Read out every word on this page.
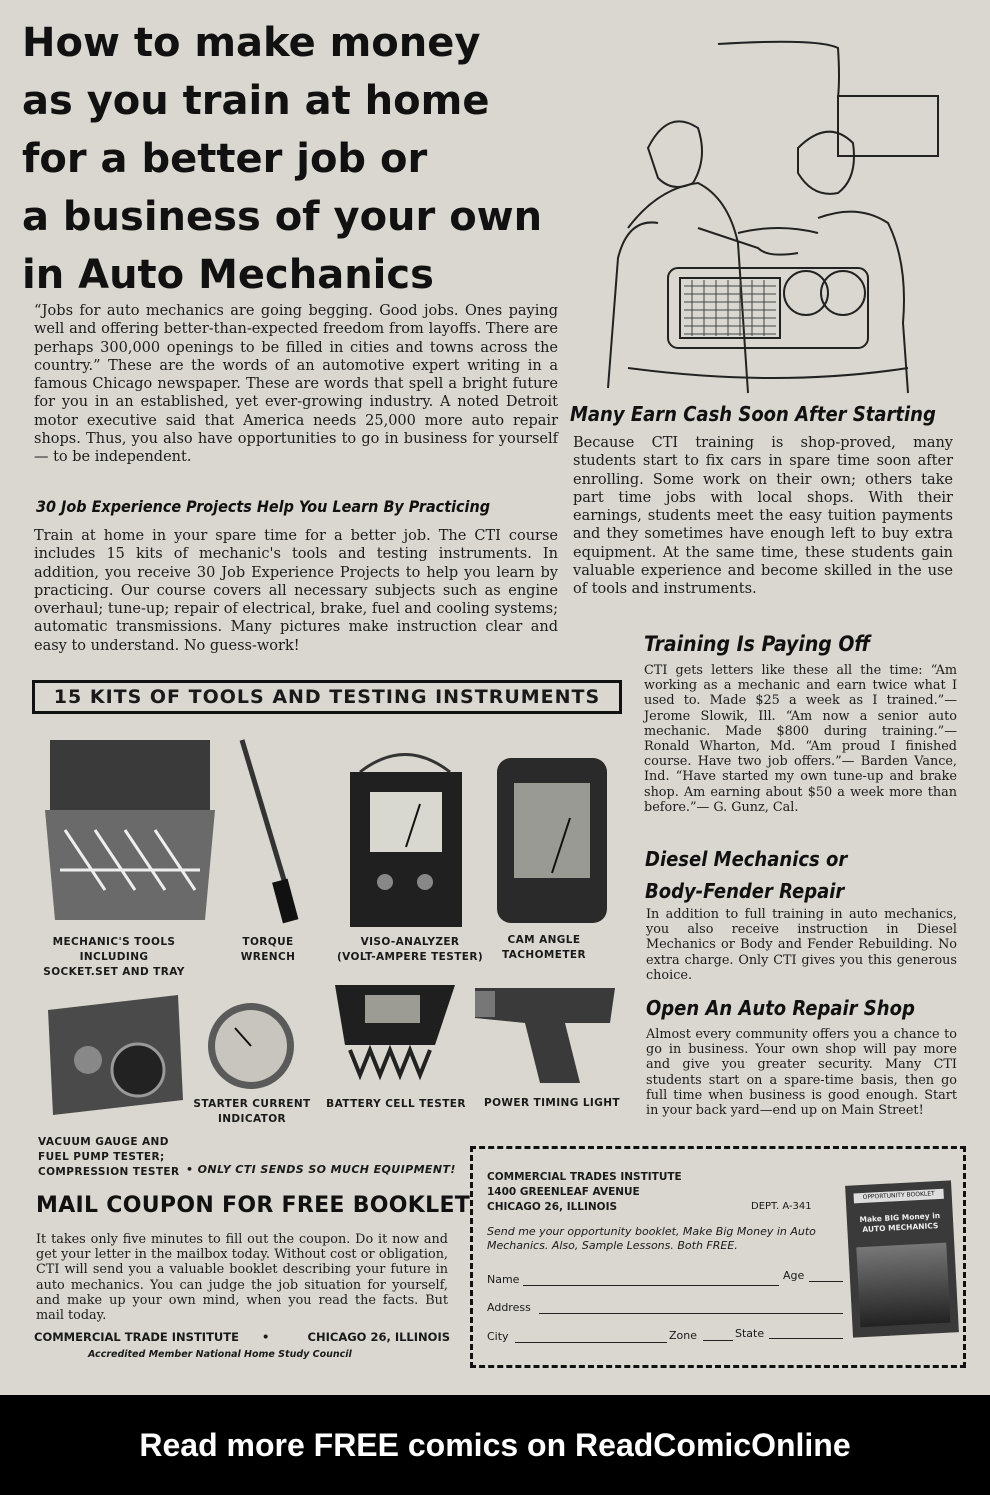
How to make money
as you train at home
for a better job or
a business of your own
in Auto Mechanics

“Jobs for auto mechanics are going begging. Good jobs. Ones paying well and offering better-than-expected freedom from layoffs. There are perhaps 300,000 openings to be filled in cities and towns across the country.” These are the words of an automotive expert writing in a famous Chicago newspaper. These are words that spell a bright future for you in an established, yet ever-growing industry. A noted Detroit motor executive said that America needs 25,000 more auto repair shops. Thus, you also have opportunities to go in business for yourself — to be independent.

30 Job Experience Projects Help You Learn By Practicing

Train at home in your spare time for a better job. The CTI course includes 15 kits of mechanic's tools and testing instruments. In addition, you receive 30 Job Experience Projects to help you learn by practicing. Our course covers all necessary subjects such as engine overhaul; tune-up; repair of electrical, brake, fuel and cooling systems; automatic transmissions. Many pictures make instruction clear and easy to understand. No guess-work!

Many Earn Cash Soon After Starting

Because CTI training is shop-proved, many students start to fix cars in spare time soon after enrolling. Some work on their own; others take part time jobs with local shops. With their earnings, students meet the easy tuition payments and they sometimes have enough left to buy extra equipment. At the same time, these students gain valuable experience and become skilled in the use of tools and instruments.

Training Is Paying Off

CTI gets letters like these all the time: “Am working as a mechanic and earn twice what I used to. Made $25 a week as I trained.”— Jerome Slowik, Ill. “Am now a senior auto mechanic. Made $800 during training.”— Ronald Wharton, Md. “Am proud I finished course. Have two job offers.”— Barden Vance, Ind. “Have started my own tune-up and brake shop. Am earning about $50 a week more than before.”— G. Gunz, Cal.

Diesel Mechanics or Body-Fender Repair

In addition to full training in auto mechanics, you also receive instruction in Diesel Mechanics or Body and Fender Rebuilding. No extra charge. Only CTI gives you this generous choice.

Open An Auto Repair Shop

Almost every community offers you a chance to go in business. Your own shop will pay more and give you greater security. Many CTI students start on a spare-time basis, then go full time when business is good enough. Start in your back yard—end up on Main Street!

15 KITS OF TOOLS AND TESTING INSTRUMENTS

MECHANIC'S TOOLS
INCLUDING
SOCKET.SET AND TRAY

TORQUE
WRENCH

VISO-ANALYZER
(VOLT-AMPERE TESTER)

CAM ANGLE
TACHOMETER

VACUUM GAUGE AND
FUEL PUMP TESTER;
COMPRESSION TESTER

STARTER CURRENT
INDICATOR

BATTERY CELL TESTER	POWER TIMING LIGHT

• ONLY CTI SENDS SO MUCH EQUIPMENT!

MAIL COUPON FOR FREE BOOKLET

It takes only five minutes to fill out the coupon. Do it now and get your letter in the mailbox today. Without cost or obligation, CTI will send you a valuable booklet describing your future in auto mechanics. You can judge the job situation for yourself, and make up your own mind, when you read the facts. But mail today.

COMMERCIAL TRADE INSTITUTE •	CHICAGO 26, ILLINOIS

Accredited Member National Home Study Council

COMMERCIAL TRADES INSTITUTE
1400 GREENLEAF AVENUE
CHICAGO 26, ILLINOIS	DEPT. A-341
Send me your opportunity booklet, Make Big Money in Auto Mechanics. Also, Sample Lessons. Both FREE.
Name	Age
Address
City	Zone	State
OPPORTUNITY BOOKLET
Make BIG Money in AUTO MECHANICS
Read more FREE comics on ReadComicOnline
